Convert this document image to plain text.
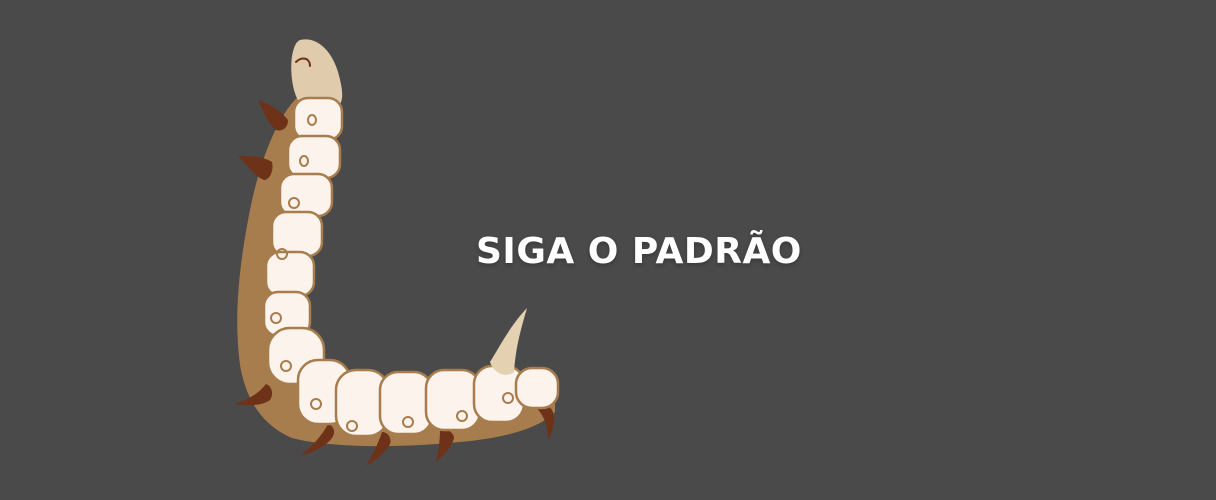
SIGA O PADRÃO
